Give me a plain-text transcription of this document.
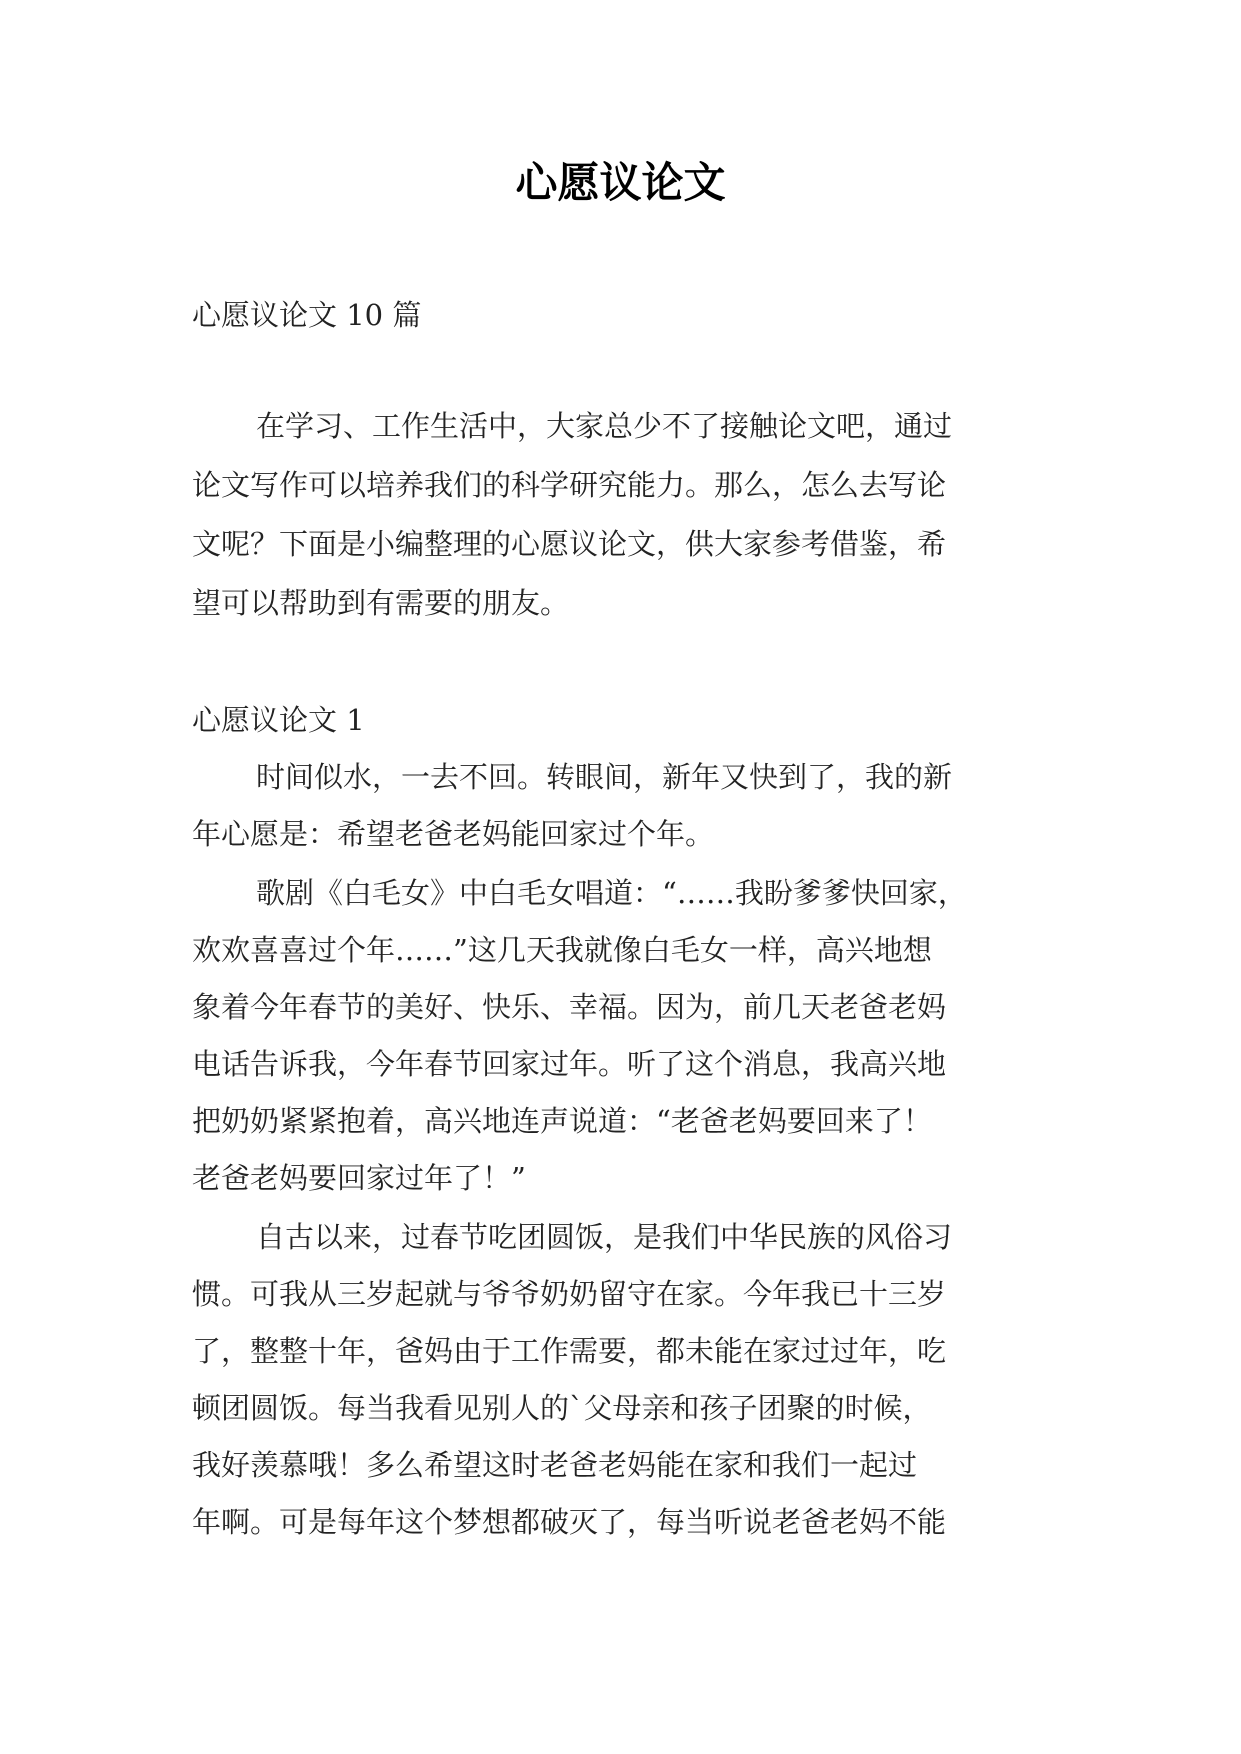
心愿议论文
心愿议论文 10 篇
在学习、工作生活中，大家总少不了接触论文吧，通过
论文写作可以培养我们的科学研究能力。那么，怎么去写论
文呢？下面是小编整理的心愿议论文，供大家参考借鉴，希
望可以帮助到有需要的朋友。
心愿议论文 1
时间似水，一去不回。转眼间，新年又快到了，我的新
年心愿是：希望老爸老妈能回家过个年。
歌剧《白毛女》中白毛女唱道：“……我盼爹爹快回家，
欢欢喜喜过个年……”这几天我就像白毛女一样，高兴地想
象着今年春节的美好、快乐、幸福。因为，前几天老爸老妈
电话告诉我，今年春节回家过年。听了这个消息，我高兴地
把奶奶紧紧抱着，高兴地连声说道：“老爸老妈要回来了！
老爸老妈要回家过年了！”
自古以来，过春节吃团圆饭，是我们中华民族的风俗习
惯。可我从三岁起就与爷爷奶奶留守在家。今年我已十三岁
了，整整十年，爸妈由于工作需要，都未能在家过过年，吃
顿团圆饭。每当我看见别人的`父母亲和孩子团聚的时候，
我好羡慕哦！多么希望这时老爸老妈能在家和我们一起过
年啊。可是每年这个梦想都破灭了，每当听说老爸老妈不能
